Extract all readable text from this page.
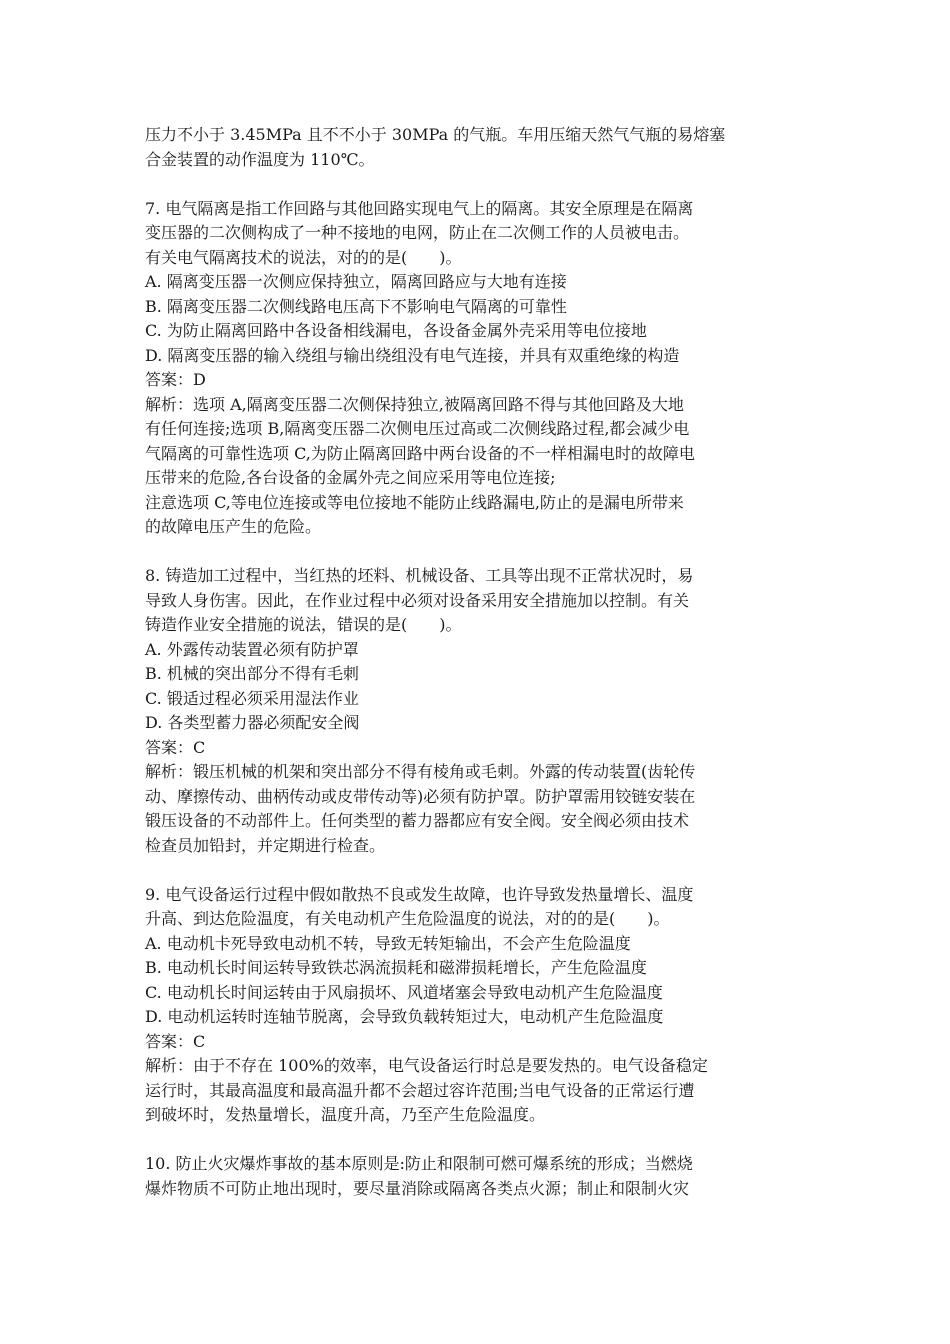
压力不小于 3.45MPa 且不不小于 30MPa 的气瓶。车用压缩天然气气瓶的易熔塞
合金装置的动作温度为 110℃。
7. 电气隔离是指工作回路与其他回路实现电气上的隔离。其安全原理是在隔离
变压器的二次侧构成了一种不接地的电网，防止在二次侧工作的人员被电击。
有关电气隔离技术的说法，对的的是(　　)。
A. 隔离变压器一次侧应保持独立，隔离回路应与大地有连接
B. 隔离变压器二次侧线路电压高下不影响电气隔离的可靠性
C. 为防止隔离回路中各设备相线漏电，各设备金属外壳采用等电位接地
D. 隔离变压器的输入绕组与输出绕组没有电气连接，并具有双重绝缘的构造
答案：D
解析：选项 A,隔离变压器二次侧保持独立,被隔离回路不得与其他回路及大地
有任何连接;选项 B,隔离变压器二次侧电压过高或二次侧线路过程,都会减少电
气隔离的可靠性选项 C,为防止隔离回路中两台设备的不一样相漏电时的故障电
压带来的危险,各台设备的金属外壳之间应采用等电位连接;
注意选项 C,等电位连接或等电位接地不能防止线路漏电,防止的是漏电所带来
的故障电压产生的危险。
8. 铸造加工过程中，当红热的坯料、机械设备、工具等出现不正常状况时，易
导致人身伤害。因此，在作业过程中必须对设备采用安全措施加以控制。有关
铸造作业安全措施的说法，错误的是(　　)。
A. 外露传动装置必须有防护罩
B. 机械的突出部分不得有毛刺
C. 锻适过程必须采用湿法作业
D. 各类型蓄力器必须配安全阀
答案：C
解析：锻压机械的机架和突出部分不得有棱角或毛刺。外露的传动装置(齿轮传
动、摩擦传动、曲柄传动或皮带传动等)必须有防护罩。防护罩需用铰链安装在
锻压设备的不动部件上。任何类型的蓄力器都应有安全阀。安全阀必须由技术
检查员加铅封，并定期进行检查。
9. 电气设备运行过程中假如散热不良或发生故障，也许导致发热量增长、温度
升高、到达危险温度，有关电动机产生危险温度的说法，对的的是(　　)。
A. 电动机卡死导致电动机不转，导致无转矩输出，不会产生危险温度
B. 电动机长时间运转导致铁芯涡流损耗和磁滞损耗增长，产生危险温度
C. 电动机长时间运转由于风扇损坏、风道堵塞会导致电动机产生危险温度
D. 电动机运转时连轴节脱离，会导致负载转矩过大，电动机产生危险温度
答案：C
解析：由于不存在 100%的效率，电气设备运行时总是要发热的。电气设备稳定
运行时，其最高温度和最高温升都不会超过容许范围;当电气设备的正常运行遭
到破坏时，发热量增长，温度升高，乃至产生危险温度。
10. 防止火灾爆炸事故的基本原则是:防止和限制可燃可爆系统的形成；当燃烧
爆炸物质不可防止地出现时，要尽量消除或隔离各类点火源；制止和限制火灾
